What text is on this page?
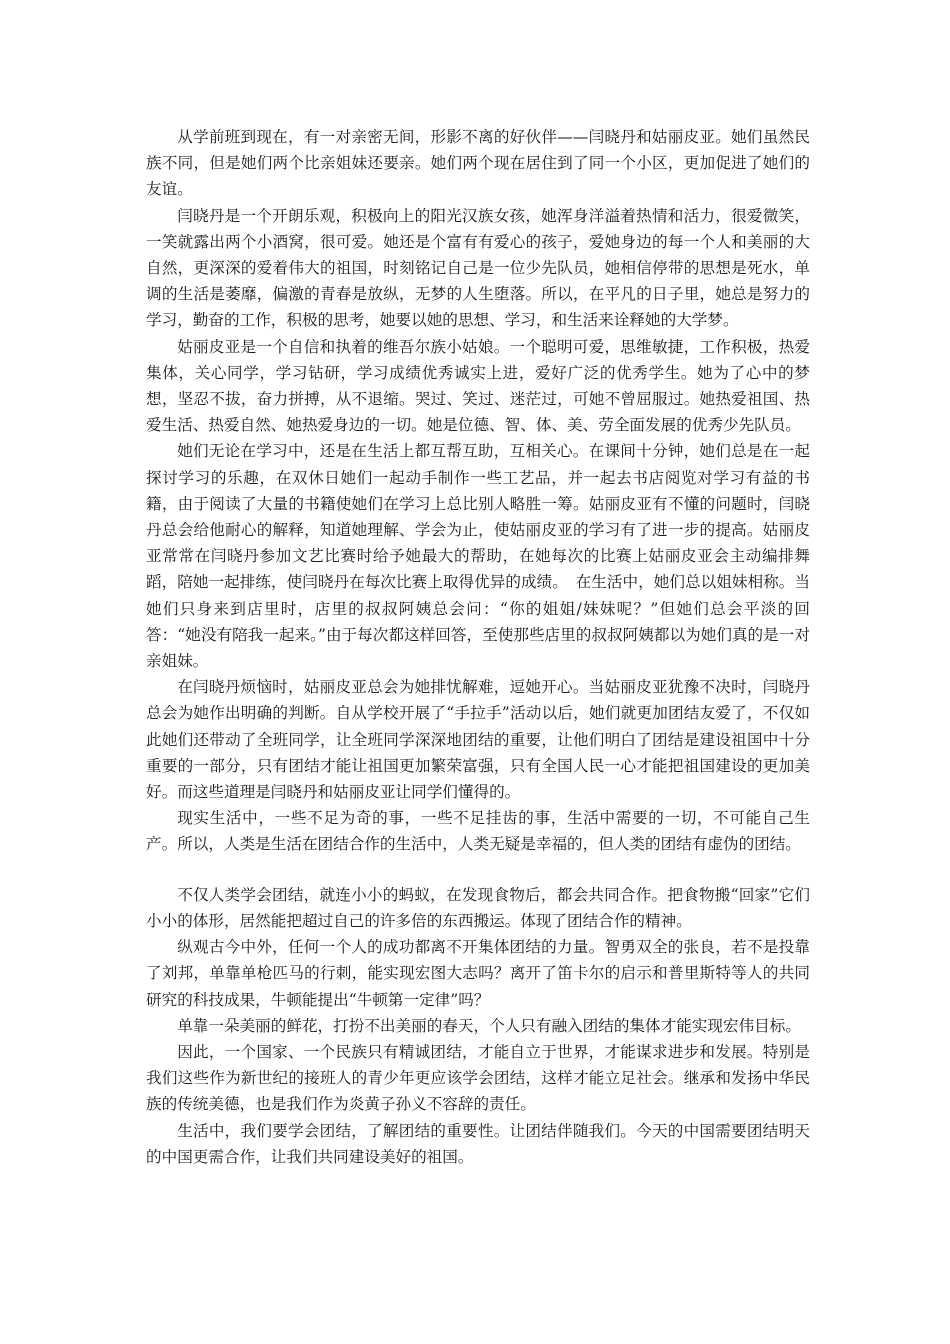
从学前班到现在，有一对亲密无间，形影不离的好伙伴——闫晓丹和姑丽皮亚。她们虽然民族不同，但是她们两个比亲姐妹还要亲。她们两个现在居住到了同一个小区，更加促进了她们的友谊。

闫晓丹是一个开朗乐观，积极向上的阳光汉族女孩，她浑身洋溢着热情和活力，很爱微笑，一笑就露出两个小酒窝，很可爱。她还是个富有有爱心的孩子，爱她身边的每一个人和美丽的大自然，更深深的爱着伟大的祖国，时刻铭记自己是一位少先队员，她相信停带的思想是死水，单调的生活是萎靡，偏激的青春是放纵，无梦的人生堕落。所以，在平凡的日子里，她总是努力的学习，勤奋的工作，积极的思考，她要以她的思想、学习，和生活来诠释她的大学梦。

姑丽皮亚是一个自信和执着的维吾尔族小姑娘。一个聪明可爱，思维敏捷，工作积极，热爱集体，关心同学，学习钻研，学习成绩优秀诚实上进，爱好广泛的优秀学生。她为了心中的梦想，坚忍不拔，奋力拼搏，从不退缩。哭过、笑过、迷茫过，可她不曾屈服过。她热爱祖国、热爱生活、热爱自然、她热爱身边的一切。她是位德、智、体、美、劳全面发展的优秀少先队员。

她们无论在学习中，还是在生活上都互帮互助，互相关心。在课间十分钟，她们总是在一起探讨学习的乐趣，在双休日她们一起动手制作一些工艺品，并一起去书店阅览对学习有益的书籍，由于阅读了大量的书籍使她们在学习上总比别人略胜一筹。姑丽皮亚有不懂的问题时，闫晓丹总会给他耐心的解释，知道她理解、学会为止，使姑丽皮亚的学习有了进一步的提高。姑丽皮亚常常在闫晓丹参加文艺比赛时给予她最大的帮助，在她每次的比赛上姑丽皮亚会主动编排舞蹈，陪她一起排练，使闫晓丹在每次比赛上取得优异的成绩。　在生活中，她们总以姐妹相称。当她们只身来到店里时，店里的叔叔阿姨总会问：“你的姐姐/妹妹呢？”但她们总会平淡的回答：“她没有陪我一起来。”由于每次都这样回答，至使那些店里的叔叔阿姨都以为她们真的是一对亲姐妹。

在闫晓丹烦恼时，姑丽皮亚总会为她排忧解难，逗她开心。当姑丽皮亚犹豫不决时，闫晓丹总会为她作出明确的判断。自从学校开展了“手拉手”活动以后，她们就更加团结友爱了，不仅如此她们还带动了全班同学，让全班同学深深地团结的重要，让他们明白了团结是建设祖国中十分重要的一部分，只有团结才能让祖国更加繁荣富强，只有全国人民一心才能把祖国建设的更加美好。而这些道理是闫晓丹和姑丽皮亚让同学们懂得的。

现实生活中，一些不足为奇的事，一些不足挂齿的事，生活中需要的一切，不可能自己生产。所以，人类是生活在团结合作的生活中，人类无疑是幸福的，但人类的团结有虚伪的团结。

不仅人类学会团结，就连小小的蚂蚁，在发现食物后，都会共同合作。把食物搬“回家”它们小小的体形，居然能把超过自己的许多倍的东西搬运。体现了团结合作的精神。

纵观古今中外，任何一个人的成功都离不开集体团结的力量。智勇双全的张良，若不是投靠了刘邦，单靠单枪匹马的行刺，能实现宏图大志吗？离开了笛卡尔的启示和普里斯特等人的共同研究的科技成果，牛顿能提出“牛顿第一定律”吗？

单靠一朵美丽的鲜花，打扮不出美丽的春天，个人只有融入团结的集体才能实现宏伟目标。

因此，一个国家、一个民族只有精诚团结，才能自立于世界，才能谋求进步和发展。特别是我们这些作为新世纪的接班人的青少年更应该学会团结，这样才能立足社会。继承和发扬中华民族的传统美德，也是我们作为炎黄子孙义不容辞的责任。

生活中，我们要学会团结，了解团结的重要性。让团结伴随我们。今天的中国需要团结明天的中国更需合作，让我们共同建设美好的祖国。
